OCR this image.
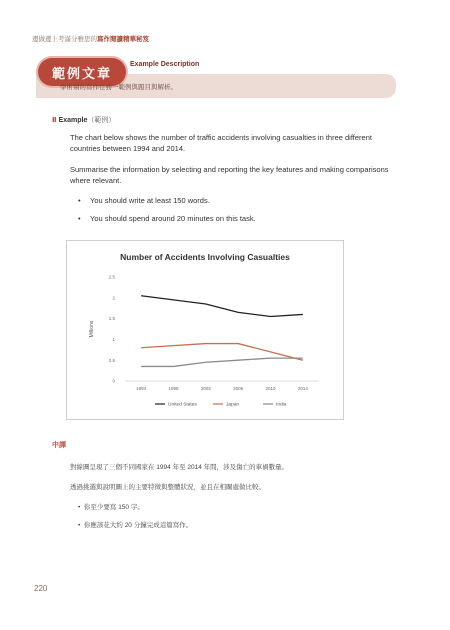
邊做邊上考滿分雅思的寫作閱讀精華秘笈
範例文章
Example Description
學術類的寫作任務一範例與題目與解析。
Ⅱ Example（範例）
The chart below shows the number of traffic accidents involving casualties in three different countries between 1994 and 2014.
Summarise the information by selecting and reporting the key features and making comparisons where relevant.
• You should write at least 150 words.
• You should spend around 20 minutes on this task.
Number of Accidents Involving Casualties
Millions
0
0.5
1
1.5
2
2.5
1994	1998	2002	2006	2010	2014
United States	Japan	India
中譯
對線圖呈現了三個不同國家在 1994 年至 2014 年間，涉及傷亡的車禍數量。
透過挑選與說明圖上的主要特徵與整體狀況，並且在相關處做比較。
•  你至少要寫 150 字。
•  你應該花大約 20 分鐘完成這篇寫作。
220
